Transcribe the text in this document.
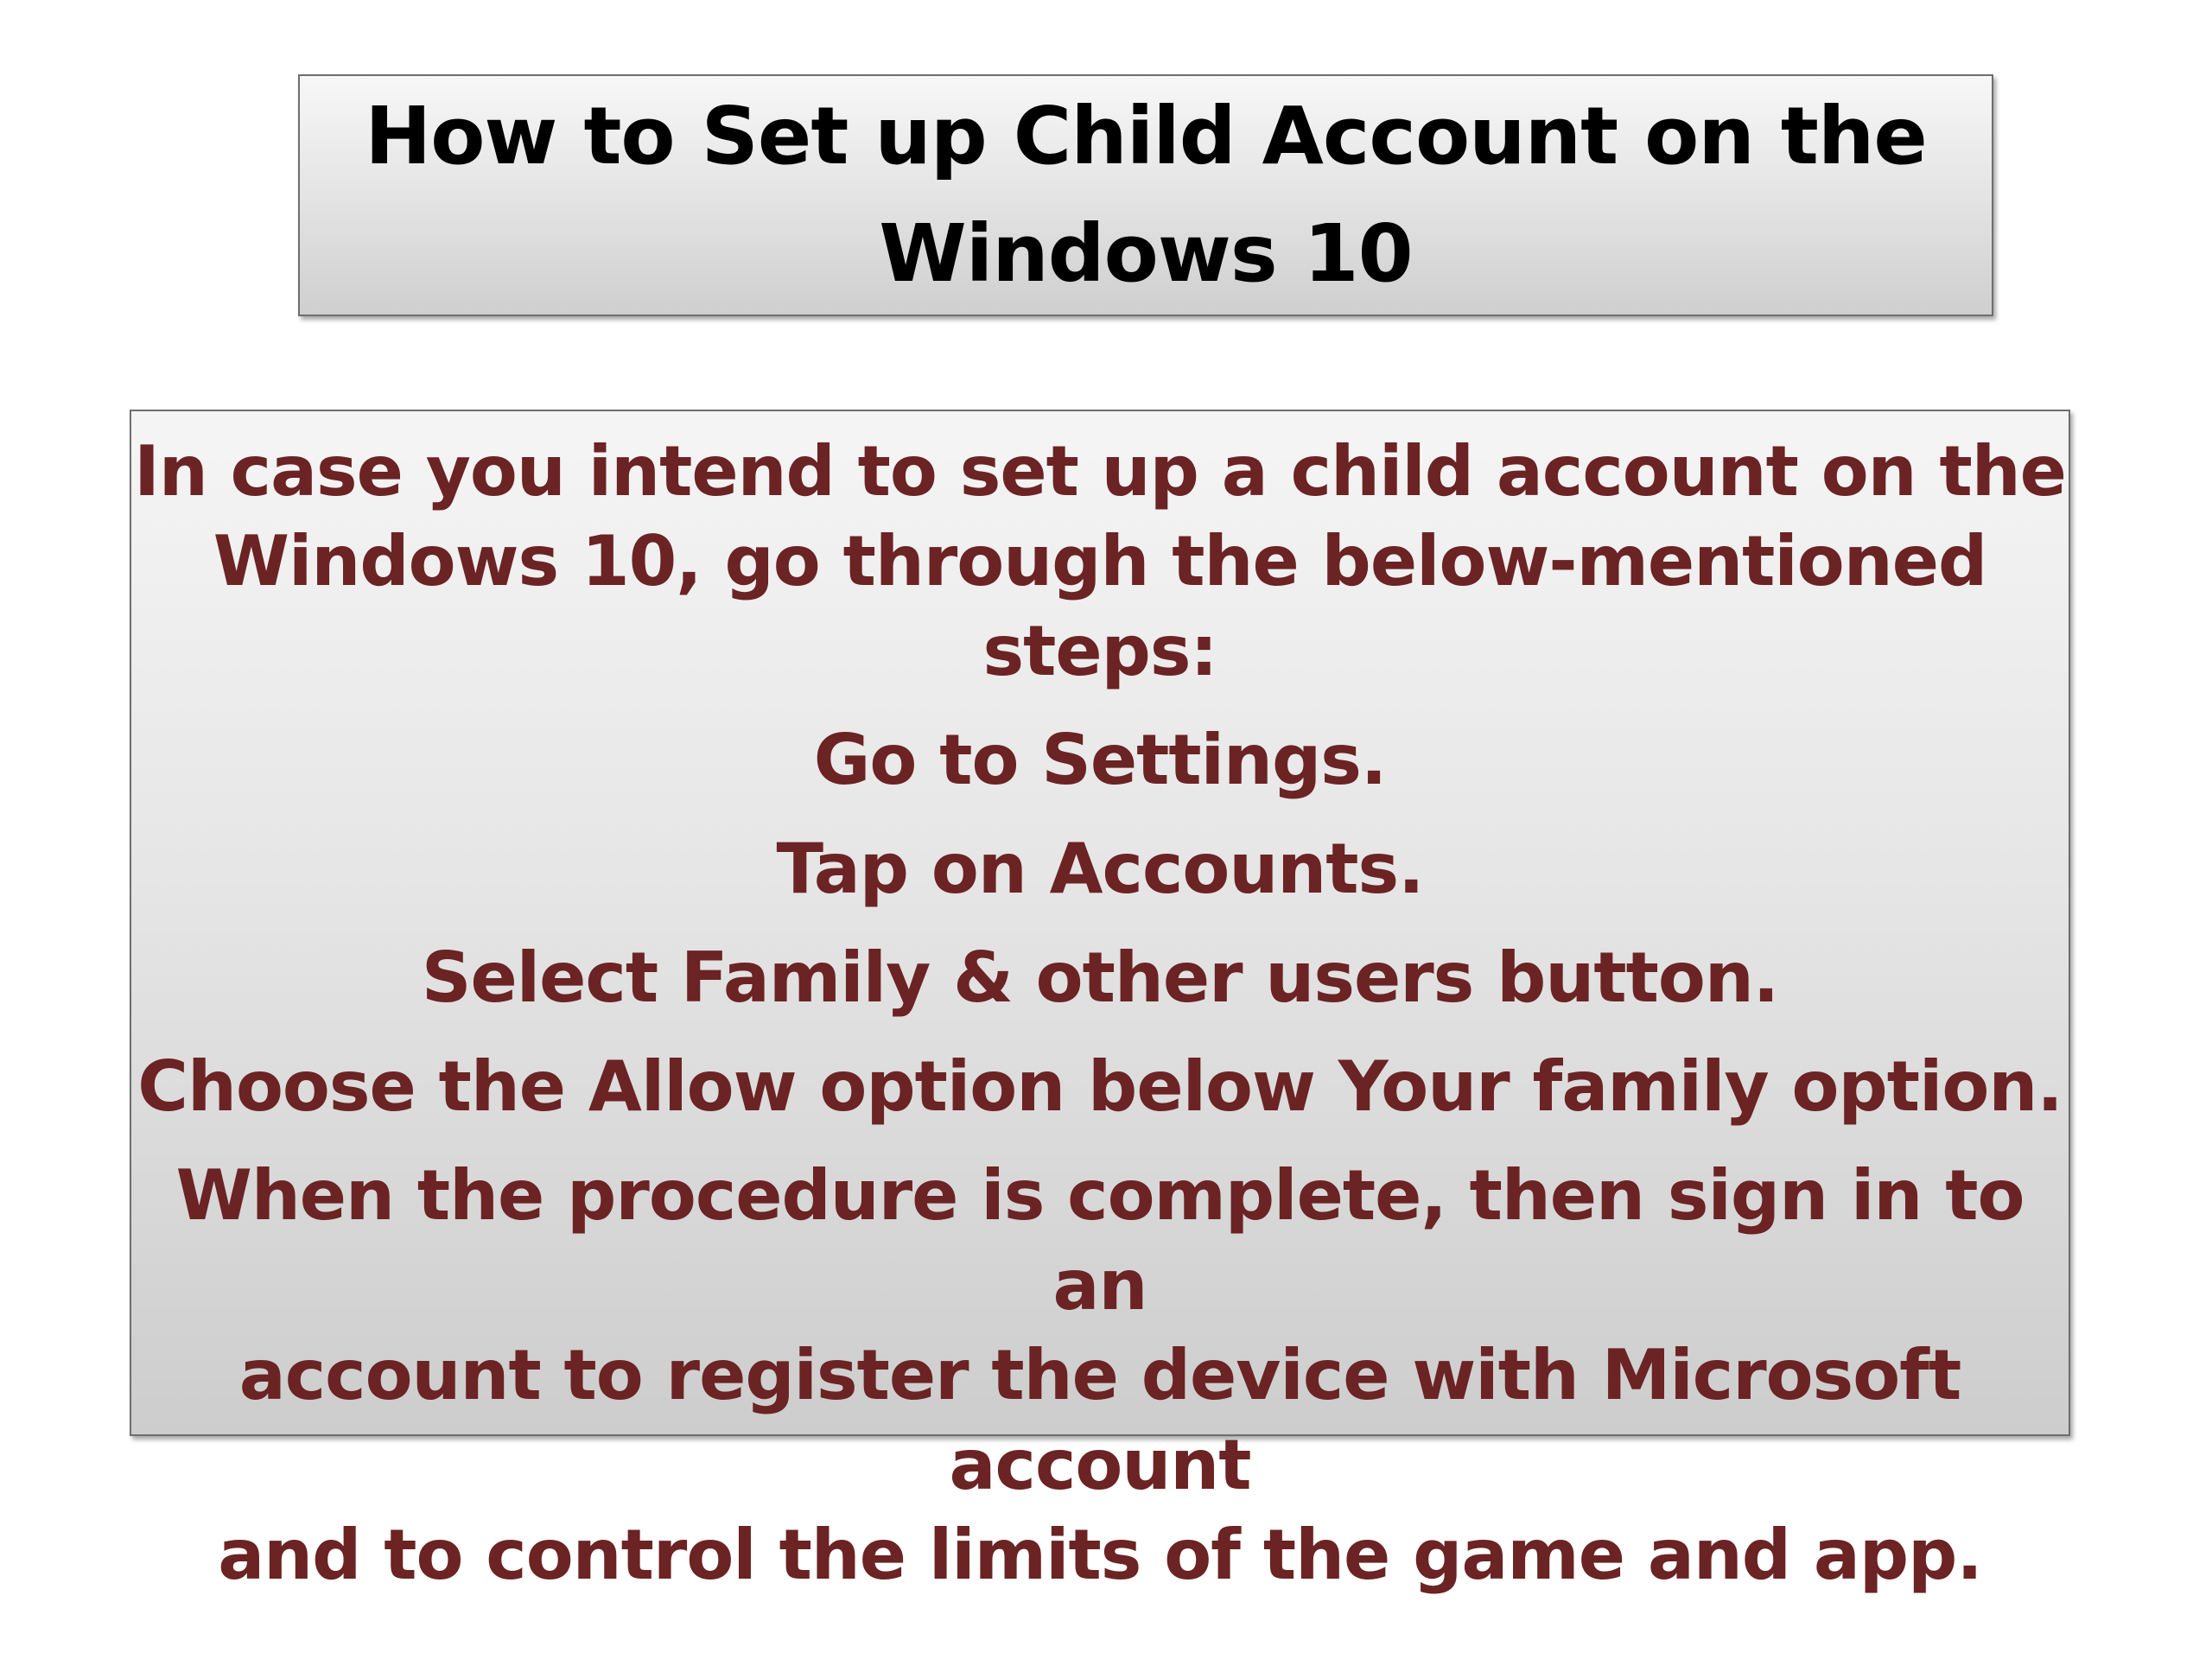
How to Set up Child Account on the
Windows 10

In case you intend to set up a child account on the
Windows 10, go through the below-mentioned steps:

Go to Settings.

Tap on Accounts.

Select Family & other users button.

Choose the Allow option below Your family option.

When the procedure is complete, then sign in to an
account to register the device with Microsoft account
and to control the limits of the game and app.
